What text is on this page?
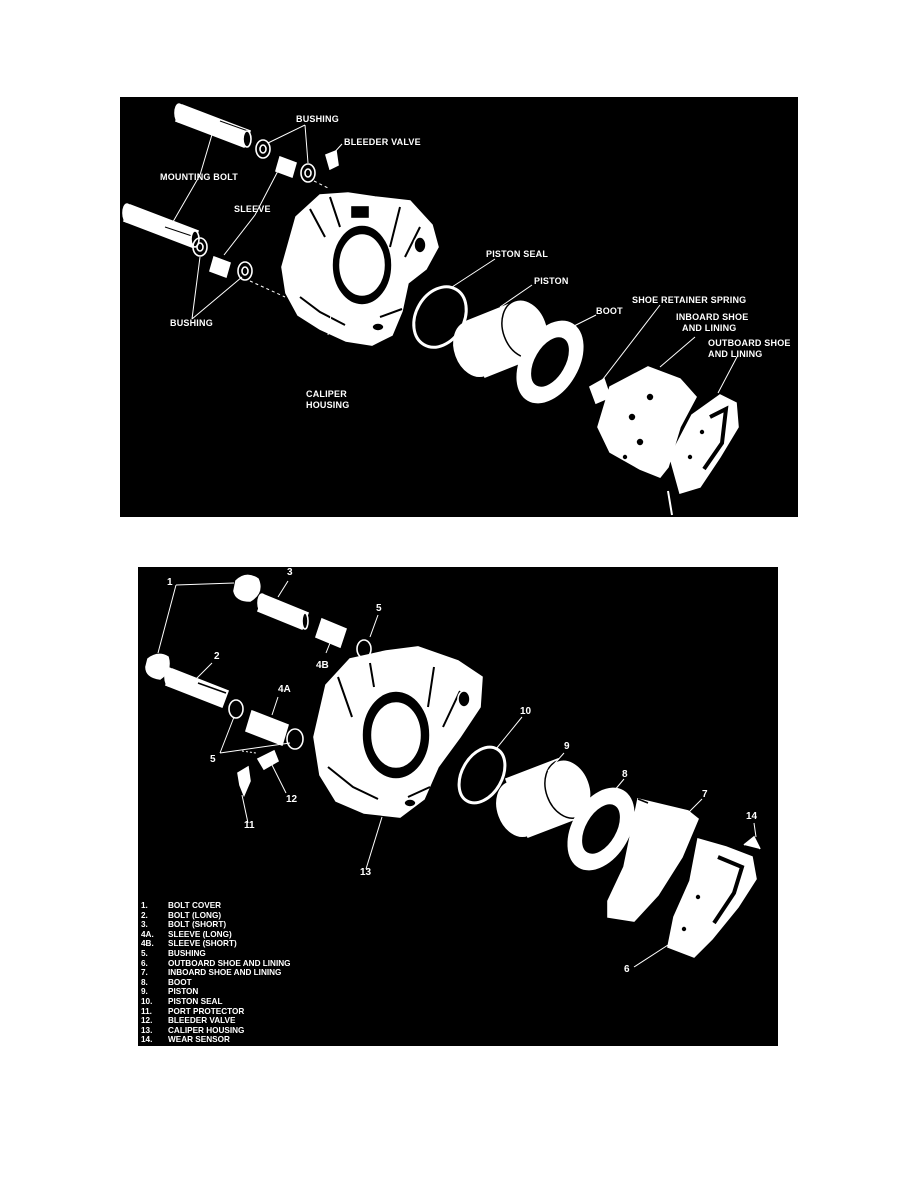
BUSHING
BLEEDER VALVE
MOUNTING BOLT
SLEEVE
PISTON SEAL
PISTON
BOOT
SHOE RETAINER SPRING
INBOARD SHOE
AND LINING
OUTBOARD SHOE
AND LINING
BUSHING
CALIPER
HOUSING
1
2
3
4A
4B
5
5
6
7
8
9
10
11
12
13
14
1.	BOLT COVER
2.	BOLT (LONG)
3.	BOLT (SHORT)
4A.	SLEEVE (LONG)
4B.	SLEEVE (SHORT)
5.	BUSHING
6.	OUTBOARD SHOE AND LINING
7.	INBOARD SHOE AND LINING
8.	BOOT
9.	PISTON
10.	PISTON SEAL
11.	PORT PROTECTOR
12.	BLEEDER VALVE
13.	CALIPER HOUSING
14.	WEAR SENSOR
